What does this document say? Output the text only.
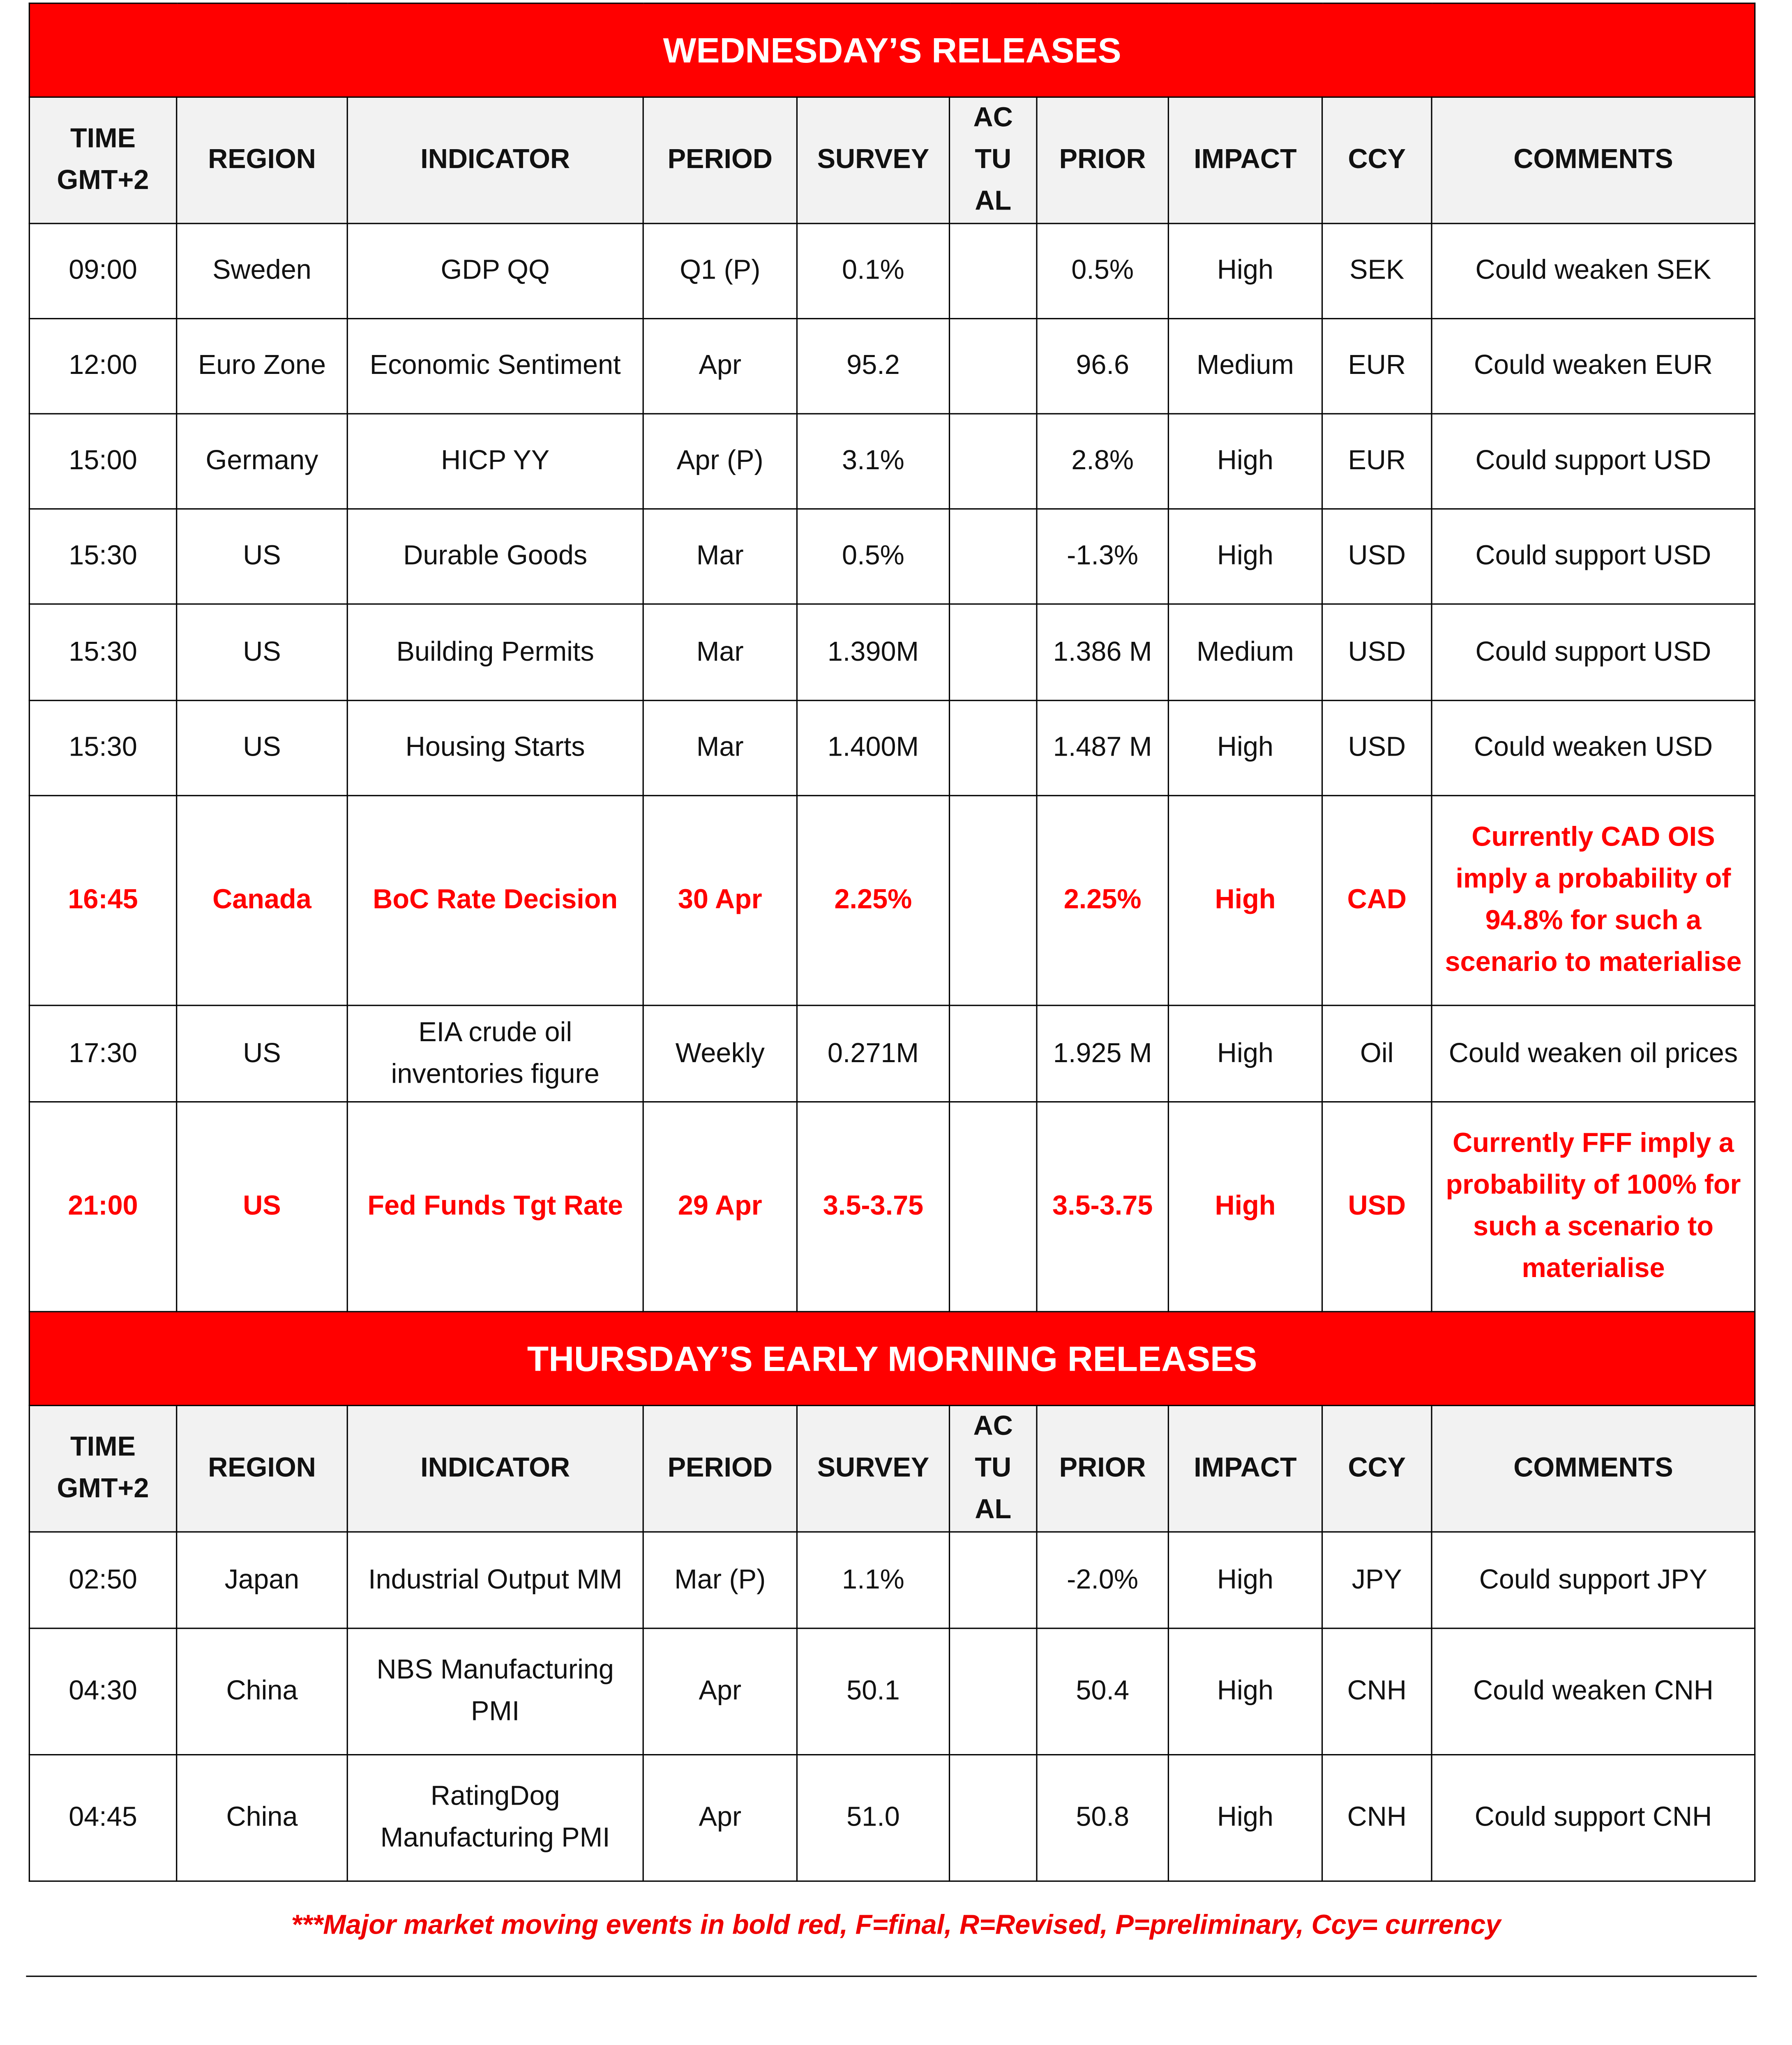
WEDNESDAY’S RELEASES									
TIME GMT+2	REGION	INDICATOR	PERIOD	SURVEY	AC TU AL	PRIOR	IMPACT	CCY	COMMENTS
09:00	Sweden	GDP QQ	Q1 (P)	0.1%		0.5%	High	SEK	Could weaken SEK
12:00	Euro Zone	Economic Sentiment	Apr	95.2		96.6	Medium	EUR	Could weaken EUR
15:00	Germany	HICP YY	Apr (P)	3.1%		2.8%	High	EUR	Could support USD
15:30	US	Durable Goods	Mar	0.5%		-1.3%	High	USD	Could support USD
15:30	US	Building Permits	Mar	1.390M		1.386 M	Medium	USD	Could support USD
15:30	US	Housing Starts	Mar	1.400M		1.487 M	High	USD	Could weaken USD
16:45	Canada	BoC Rate Decision	30 Apr	2.25%		2.25%	High	CAD	Currently CAD OIS imply a probability of 94.8% for such a scenario to materialise
17:30	US	EIA crude oil inventories figure	Weekly	0.271M		1.925 M	High	Oil	Could weaken oil prices
21:00	US	Fed Funds Tgt Rate	29 Apr	3.5-3.75		3.5-3.75	High	USD	Currently FFF imply a probability of 100% for such a scenario to materialise
THURSDAY’S EARLY MORNING RELEASES									
TIME GMT+2	REGION	INDICATOR	PERIOD	SURVEY	AC TU AL	PRIOR	IMPACT	CCY	COMMENTS
02:50	Japan	Industrial Output MM	Mar (P)	1.1%		-2.0%	High	JPY	Could support JPY
04:30	China	NBS Manufacturing PMI	Apr	50.1		50.4	High	CNH	Could weaken CNH
04:45	China	RatingDog Manufacturing PMI	Apr	51.0		50.8	High	CNH	Could support CNH
***Major market moving events in bold red, F=final, R=Revised, P=preliminary, Ccy= currency
